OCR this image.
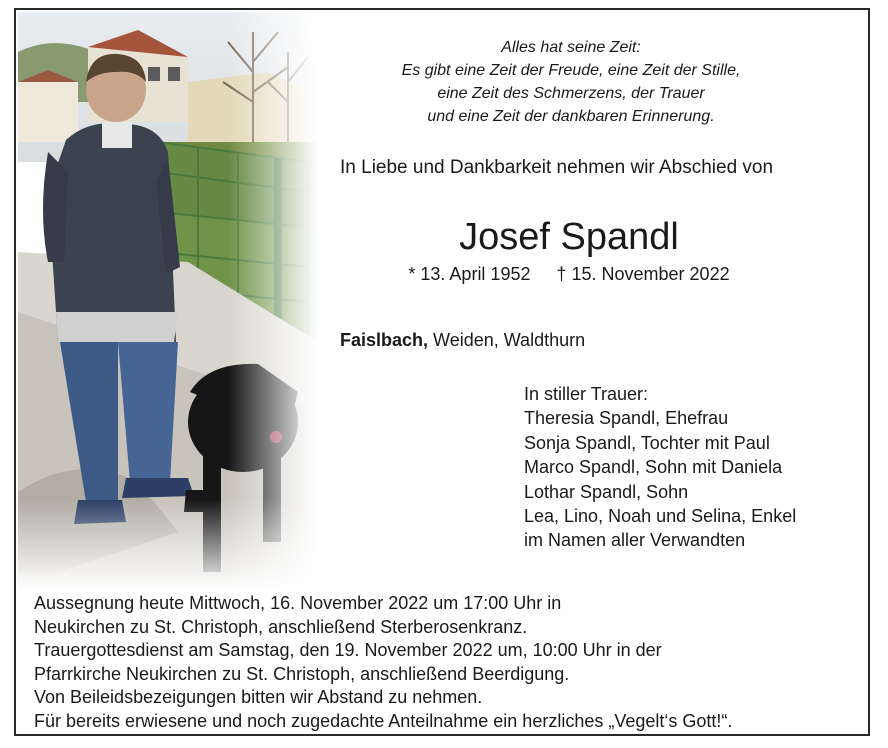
Alles hat seine Zeit:
Es gibt eine Zeit der Freude, eine Zeit der Stille,
eine Zeit des Schmerzens, der Trauer
und eine Zeit der dankbaren Erinnerung.
In Liebe und Dankbarkeit nehmen wir Abschied von
Josef Spandl
* 13. April 1952 † 15. November 2022
Faislbach, Weiden, Waldthurn
In stiller Trauer:
Theresia Spandl, Ehefrau
Sonja Spandl, Tochter mit Paul
Marco Spandl, Sohn mit Daniela
Lothar Spandl, Sohn
Lea, Lino, Noah und Selina, Enkel
im Namen aller Verwandten
Aussegnung heute Mittwoch, 16. November 2022 um 17:00 Uhr in
Neukirchen zu St. Christoph, anschließend Sterberosenkranz.
Trauergottesdienst am Samstag, den 19. November 2022 um, 10:00 Uhr in der
Pfarrkirche Neukirchen zu St. Christoph, anschließend Beerdigung.
Von Beileidsbezeigungen bitten wir Abstand zu nehmen.
Für bereits erwiesene und noch zugedachte Anteilnahme ein herzliches „Vegelt‘s Gott!“.
